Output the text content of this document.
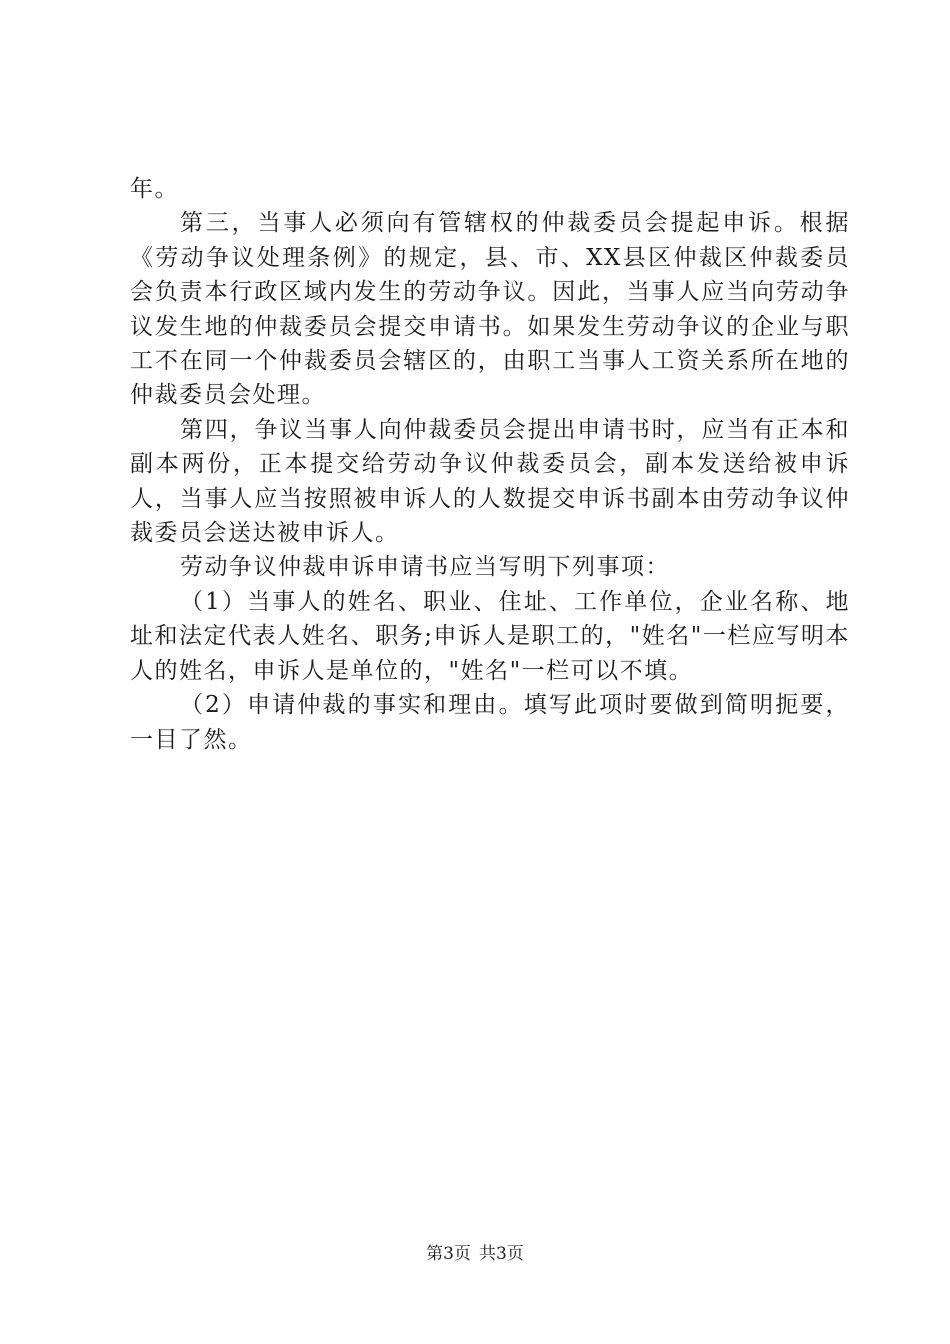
年。

第三，当事人必须向有管辖权的仲裁委员会提起申诉。根据《劳动争议处理条例》的规定，县、市、XX县区仲裁区仲裁委员会负责本行政区域内发生的劳动争议。因此，当事人应当向劳动争议发生地的仲裁委员会提交申请书。如果发生劳动争议的企业与职工不在同一个仲裁委员会辖区的，由职工当事人工资关系所在地的仲裁委员会处理。

第四，争议当事人向仲裁委员会提出申请书时，应当有正本和副本两份，正本提交给劳动争议仲裁委员会，副本发送给被申诉人，当事人应当按照被申诉人的人数提交申诉书副本由劳动争议仲裁委员会送达被申诉人。

劳动争议仲裁申诉申请书应当写明下列事项：

（1）当事人的姓名、职业、住址、工作单位，企业名称、地址和法定代表人姓名、职务;申诉人是职工的，"姓名"一栏应写明本人的姓名，申诉人是单位的，"姓名"一栏可以不填。

（2）申请仲裁的事实和理由。填写此项时要做到简明扼要，一目了然。

第3页 共3页
